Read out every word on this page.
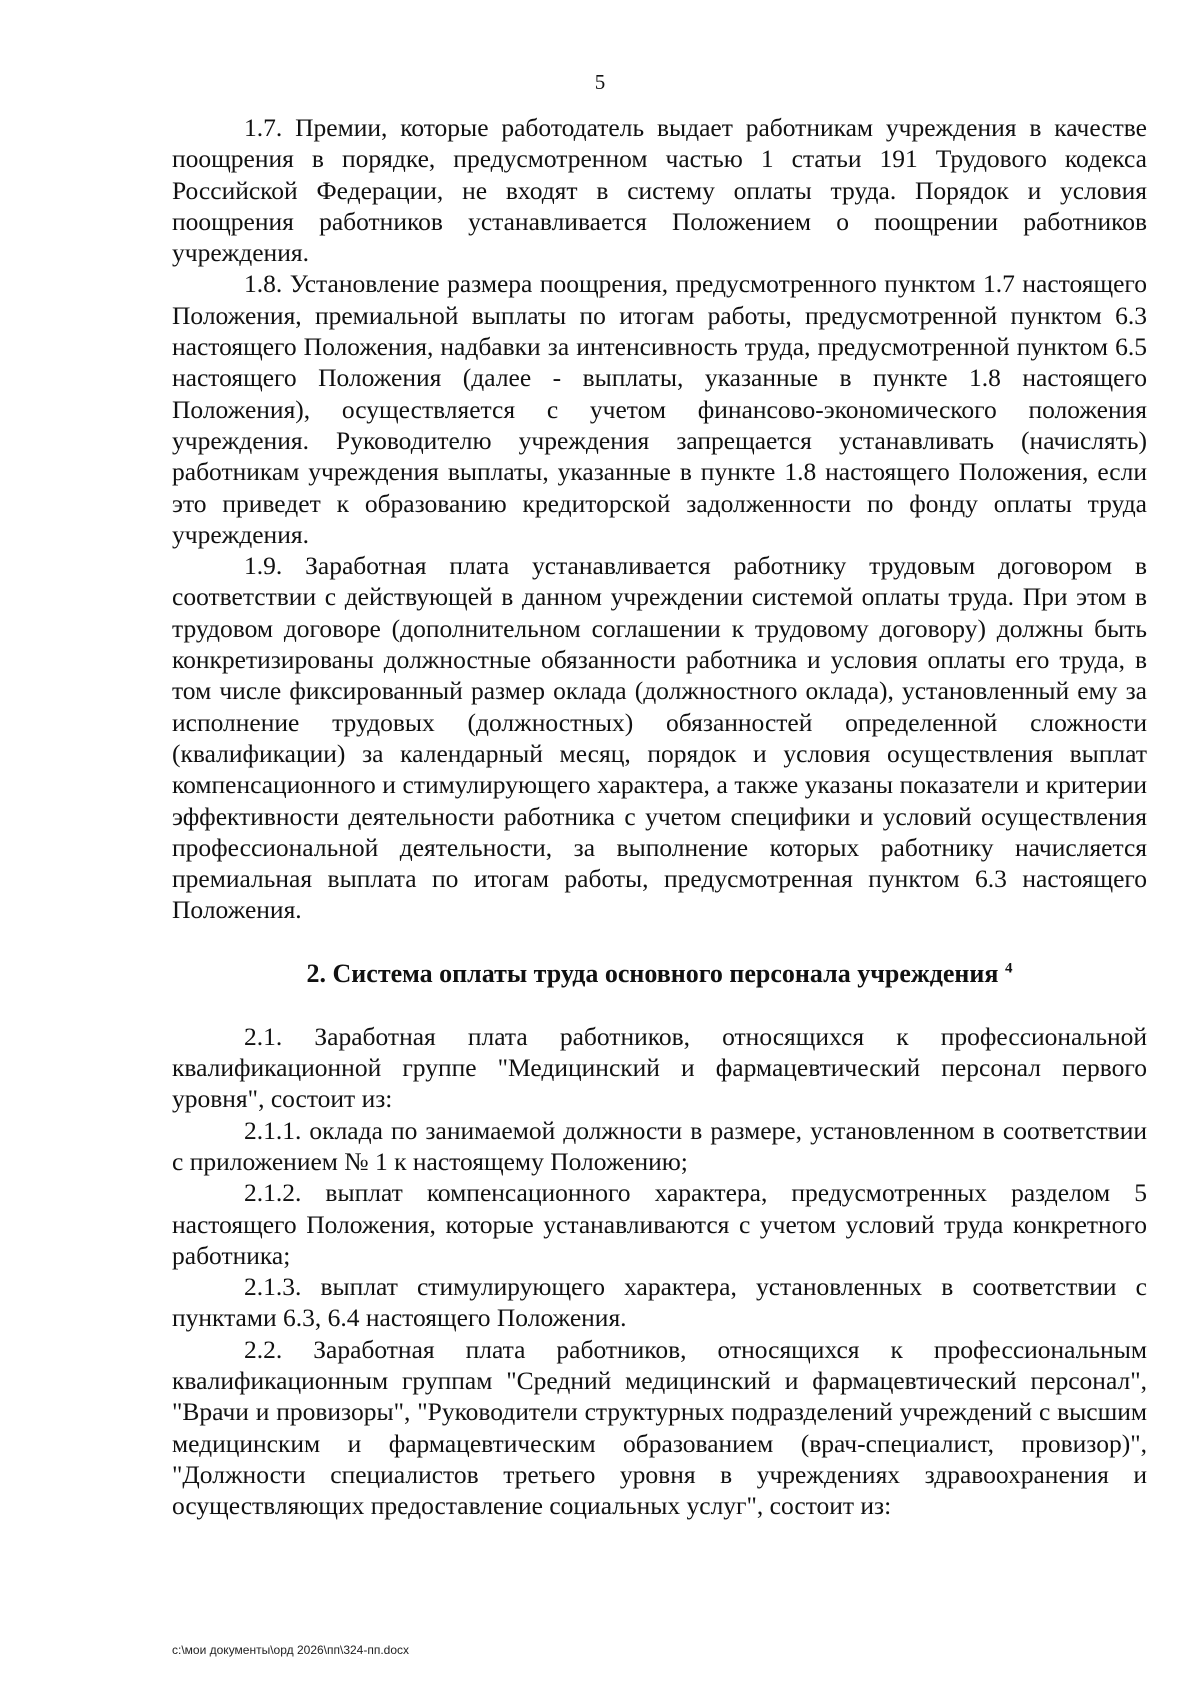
5

1.7. Премии, которые работодатель выдает работникам учреждения в качестве поощрения в порядке, предусмотренном частью 1 статьи 191 Трудового кодекса Российской Федерации, не входят в систему оплаты труда. Порядок и условия поощрения работников устанавливается Положением о поощрении работников учреждения.

1.8. Установление размера поощрения, предусмотренного пунктом 1.7 настоящего Положения, премиальной выплаты по итогам работы, предусмотренной пунктом 6.3 настоящего Положения, надбавки за интенсивность труда, предусмотренной пунктом 6.5 настоящего Положения (далее - выплаты, указанные в пункте 1.8 настоящего Положения), осуществляется с учетом финансово-экономического положения учреждения. Руководителю учреждения запрещается устанавливать (начислять) работникам учреждения выплаты, указанные в пункте 1.8 настоящего Положения, если это приведет к образованию кредиторской задолженности по фонду оплаты труда учреждения.

1.9. Заработная плата устанавливается работнику трудовым договором в соответствии с действующей в данном учреждении системой оплаты труда. При этом в трудовом договоре (дополнительном соглашении к трудовому договору) должны быть конкретизированы должностные обязанности работника и условия оплаты его труда, в том числе фиксированный размер оклада (должностного оклада), установленный ему за исполнение трудовых (должностных) обязанностей определенной сложности (квалификации) за календарный месяц, порядок и условия осуществления выплат компенсационного и стимулирующего характера, а также указаны показатели и критерии эффективности деятельности работника с учетом специфики и условий осуществления профессиональной деятельности, за выполнение которых работнику начисляется премиальная выплата по итогам работы, предусмотренная пунктом 6.3 настоящего Положения.

2. Система оплаты труда основного персонала учреждения $^4$

2.1. Заработная плата работников, относящихся к профессиональной квалификационной группе "Медицинский и фармацевтический персонал первого уровня", состоит из:

2.1.1. оклада по занимаемой должности в размере, установленном в соответствии с приложением № 1 к настоящему Положению;

2.1.2. выплат компенсационного характера, предусмотренных разделом 5 настоящего Положения, которые устанавливаются с учетом условий труда конкретного работника;

2.1.3. выплат стимулирующего характера, установленных в соответствии с пунктами 6.3, 6.4 настоящего Положения.

2.2. Заработная плата работников, относящихся к профессиональным квалификационным группам "Средний медицинский и фармацевтический персонал", "Врачи и провизоры", "Руководители структурных подразделений учреждений с высшим медицинским и фармацевтическим образованием (врач-специалист, провизор)", "Должности специалистов третьего уровня в учреждениях здравоохранения и осуществляющих предоставление социальных услуг", состоит из:

c:\мои документы\орд 2026\пп\324-пп.docx
